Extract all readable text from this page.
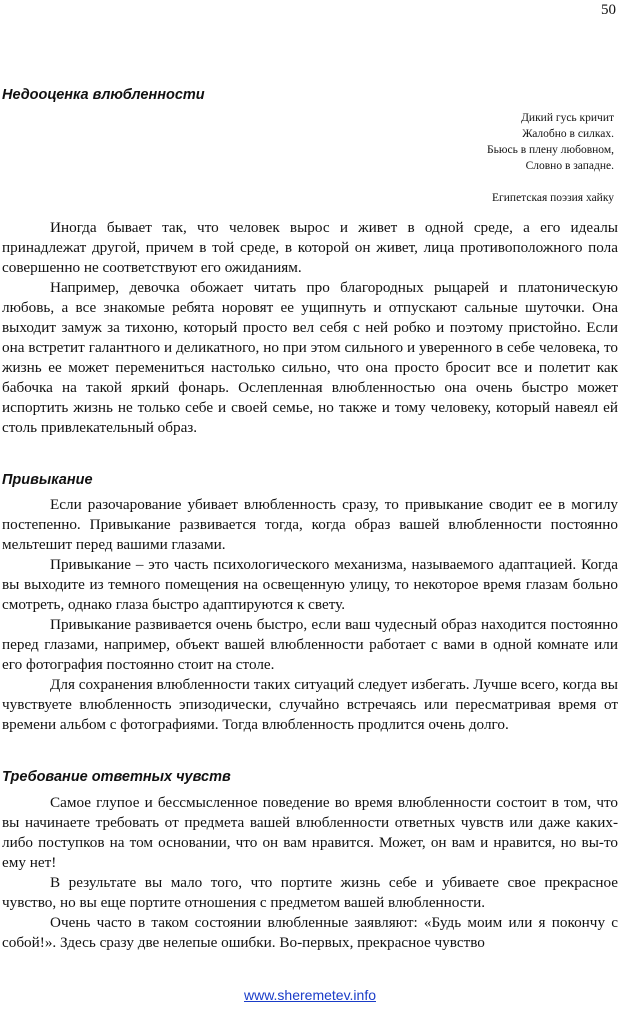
50
Недооценка влюбленности
Дикий гусь кричит
Жалобно в силках.
Бьюсь в плену любовном,
Словно в западне.
Египетская поэзия хайку

Иногда бывает так, что человек вырос и живет в одной среде, а его идеалы принадлежат другой, причем в той среде, в которой он живет, лица противоположного пола совершенно не соответствуют его ожиданиям.

Например, девочка обожает читать про благородных рыцарей и платоническую любовь, а все знакомые ребята норовят ее ущипнуть и отпускают сальные шуточки. Она выходит замуж за тихоню, который просто вел себя с ней робко и поэтому пристойно. Если она встретит галантного и деликатного, но при этом сильного и уверенного в себе человека, то жизнь ее может перемениться настолько сильно, что она просто бросит все и полетит как бабочка на такой яркий фонарь. Ослепленная влюбленностью она очень быстро может испортить жизнь не только себе и своей семье, но также и тому человеку, который навеял ей столь привлекательный образ.

Привыкание

Если разочарование убивает влюбленность сразу, то привыкание сводит ее в могилу постепенно. Привыкание развивается тогда, когда образ вашей влюбленности постоянно мельтешит перед вашими глазами.

Привыкание – это часть психологического механизма, называемого адаптацией. Когда вы выходите из темного помещения на освещенную улицу, то некоторое время глазам больно смотреть, однако глаза быстро адаптируются к свету.

Привыкание развивается очень быстро, если ваш чудесный образ находится постоянно перед глазами, например, объект вашей влюбленности работает с вами в одной комнате или его фотография постоянно стоит на столе.

Для сохранения влюбленности таких ситуаций следует избегать. Лучше всего, когда вы чувствуете влюбленность эпизодически, случайно встречаясь или пересматривая время от времени альбом с фотографиями. Тогда влюбленность продлится очень долго.

Требование ответных чувств

Самое глупое и бессмысленное поведение во время влюбленности состоит в том, что вы начинаете требовать от предмета вашей влюбленности ответных чувств или даже каких-либо поступков на том основании, что он вам нравится. Может, он вам и нравится, но вы-то ему нет!

В результате вы мало того, что портите жизнь себе и убиваете свое прекрасное чувство, но вы еще портите отношения с предметом вашей влюбленности.

Очень часто в таком состоянии влюбленные заявляют: «Будь моим или я покончу с собой!». Здесь сразу две нелепые ошибки. Во-первых, прекрасное чувство

www.sheremetev.info
